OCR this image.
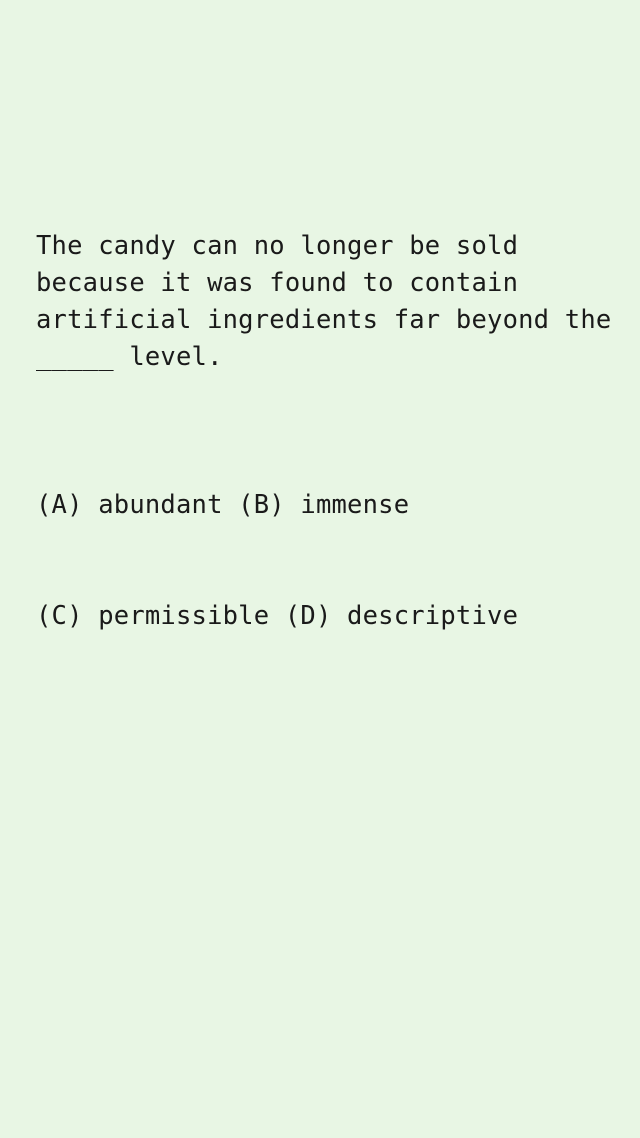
The candy can no longer be sold because it was found to contain artificial ingredients far beyond the _____ level.

(A) abundant (B) immense

(C) permissible (D) descriptive
